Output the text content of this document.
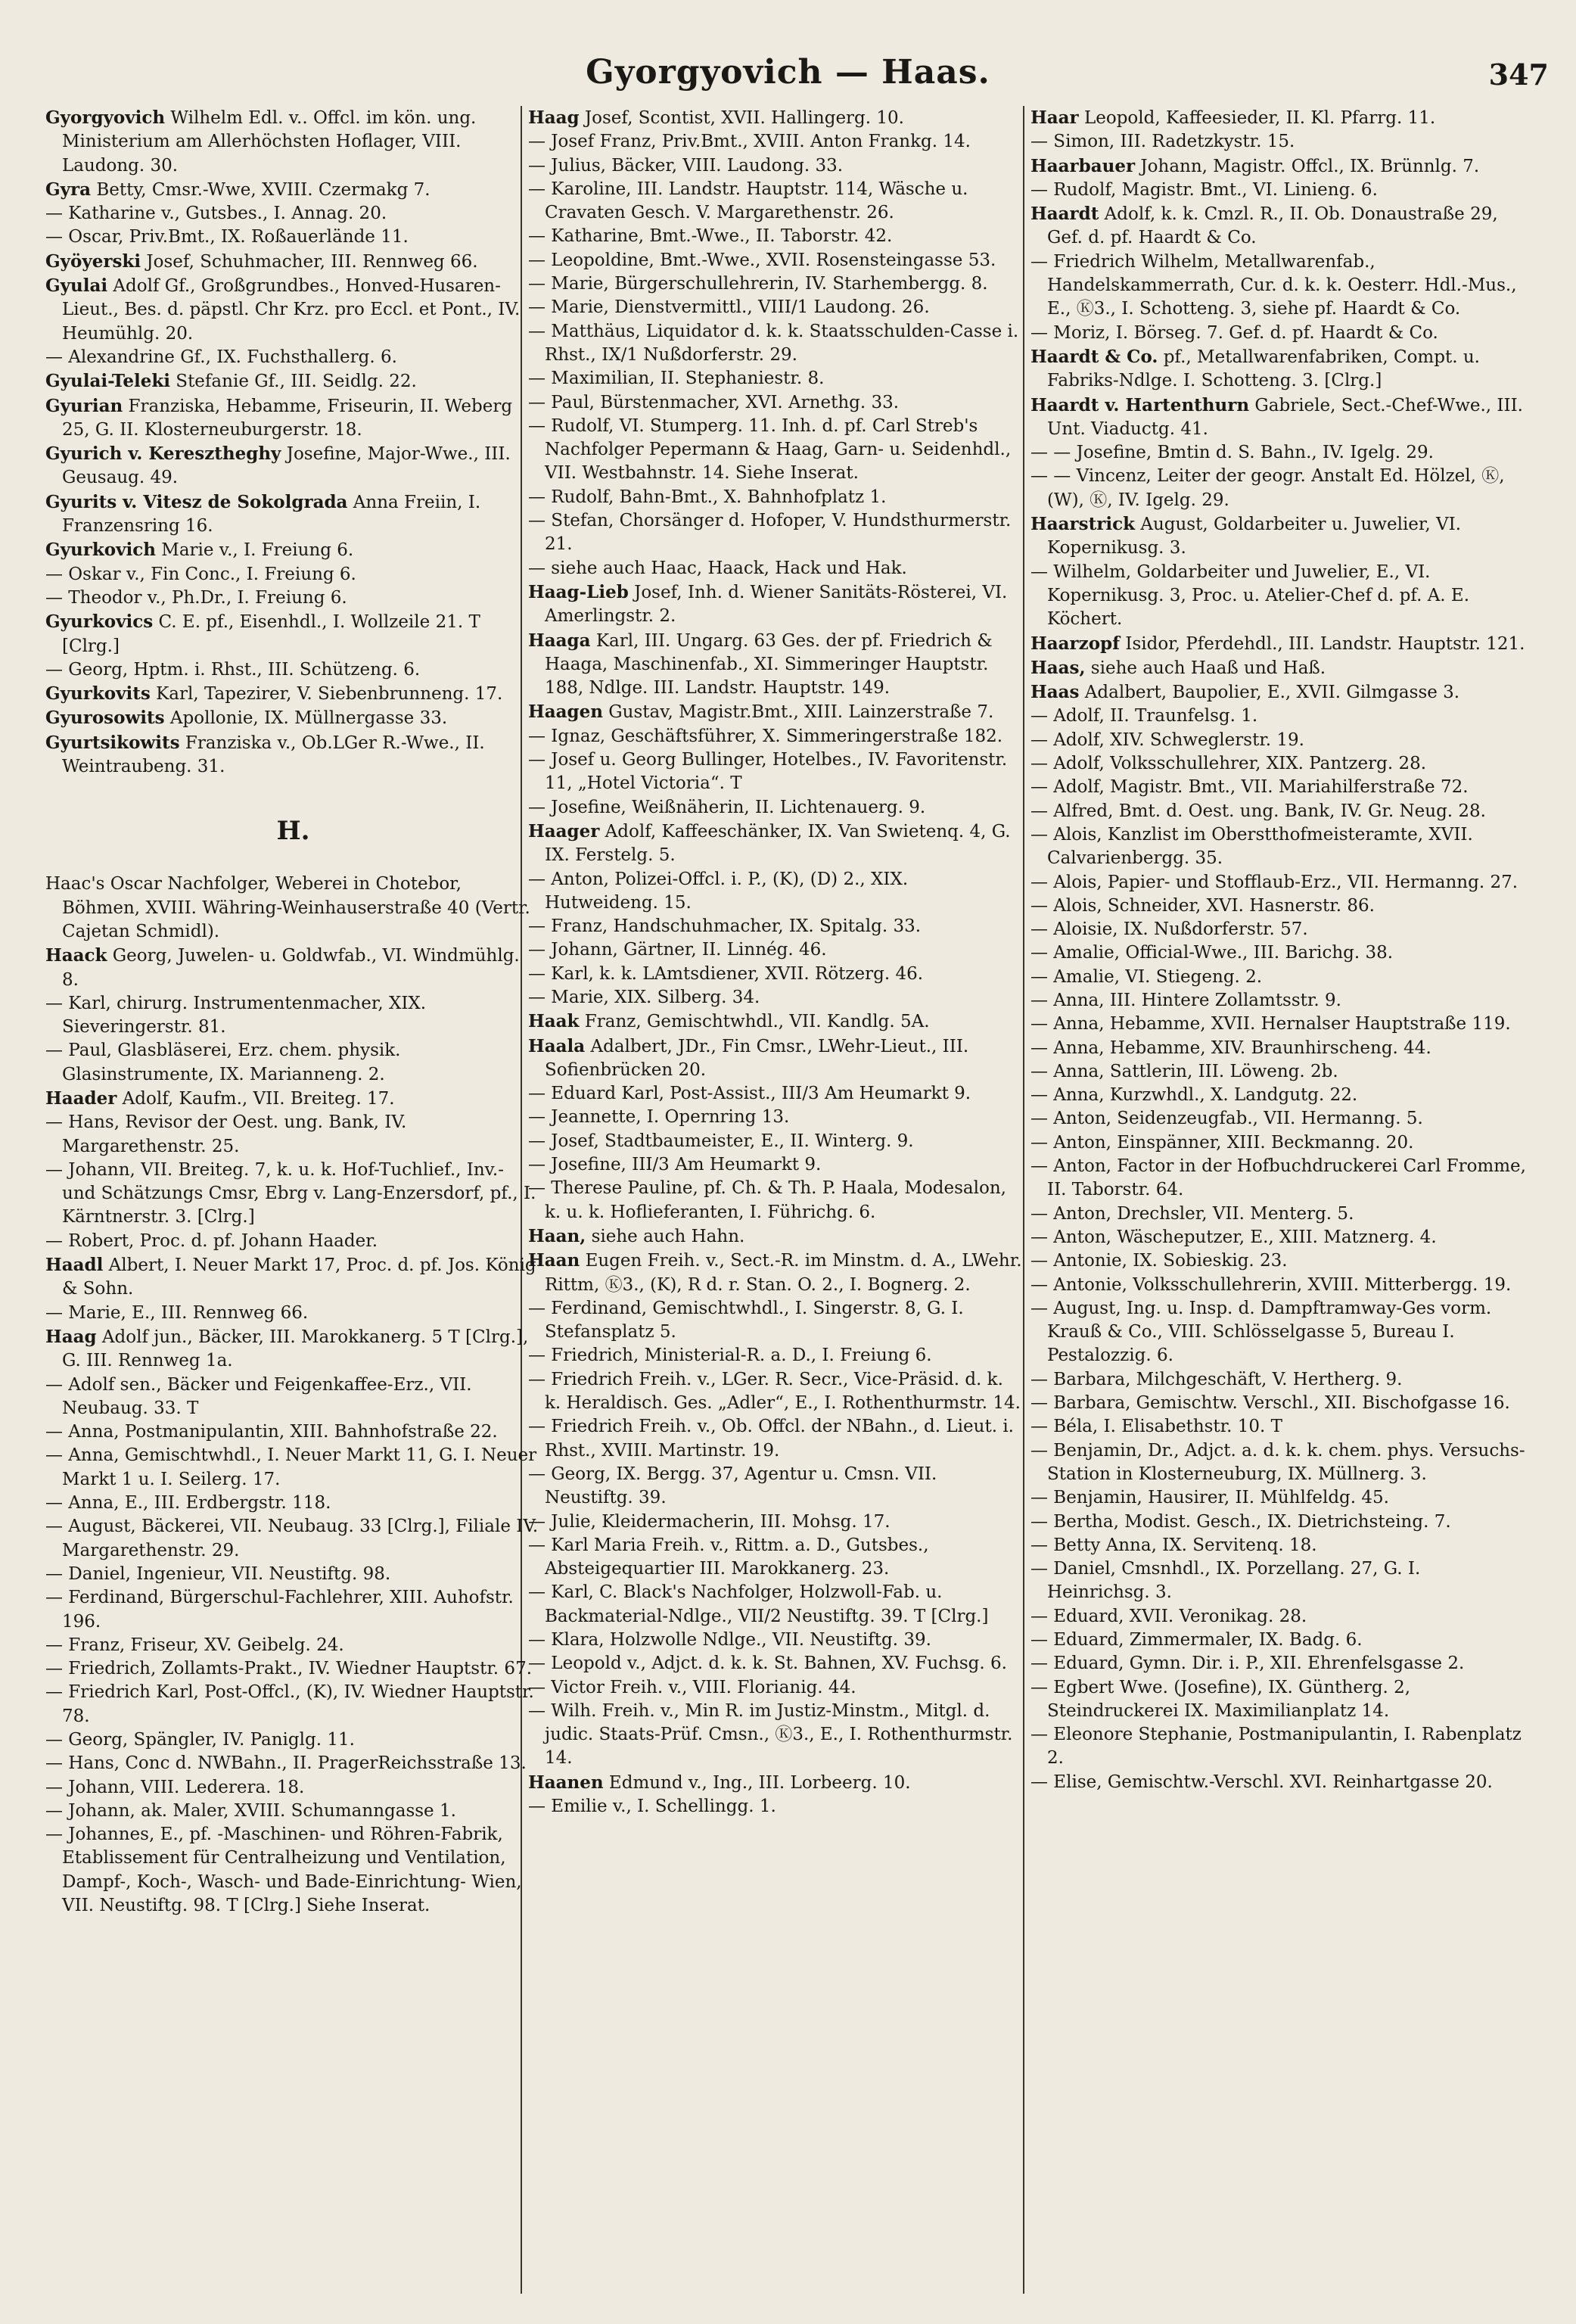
Gyorgyovich — Haas.	347
Gyorgyovich Wilhelm Edl. v.. Offcl. im kön. ung. Ministerium am Allerhöchsten Hoflager, VIII. Laudong. 30.
Gyra Betty, Cmsr.-Wwe, XVIII. Czermakg 7.
— Katharine v., Gutsbes., I. Annag. 20.
— Oscar, Priv.Bmt., IX. Roßauerlände 11.
Gyöyerski Josef, Schuhmacher, III. Rennweg 66.
Gyulai Adolf Gf., Großgrundbes., Honved-Husaren-Lieut., Bes. d. päpstl. Chr Krz. pro Eccl. et Pont., IV. Heumühlg. 20.
— Alexandrine Gf., IX. Fuchsthallerg. 6.
Gyulai-Teleki Stefanie Gf., III. Seidlg. 22.
Gyurian Franziska, Hebamme, Friseurin, II. Weberg 25, G. II. Klosterneuburgerstr. 18.
Gyurich v. Keresztheghy Josefine, Major-Wwe., III. Geusaug. 49.
Gyurits v. Vitesz de Sokolgrada Anna Freiin, I. Franzensring 16.
Gyurkovich Marie v., I. Freiung 6.
— Oskar v., Fin Conc., I. Freiung 6.
— Theodor v., Ph.Dr., I. Freiung 6.
Gyurkovics C. E. pf., Eisenhdl., I. Wollzeile 21. T [Clrg.]
— Georg, Hptm. i. Rhst., III. Schützeng. 6.
Gyurkovits Karl, Tapezirer, V. Siebenbrunneng. 17.
Gyurosowits Apollonie, IX. Müllnergasse 33.
Gyurtsikowits Franziska v., Ob.LGer R.-Wwe., II. Weintraubeng. 31.
H.
Haac's Oscar Nachfolger, Weberei in Chotebor, Böhmen, XVIII. Währing-Weinhauserstraße 40 (Vertr. Cajetan Schmidl).
Haack Georg, Juwelen- u. Goldwfab., VI. Windmühlg. 8.
— Karl, chirurg. Instrumentenmacher, XIX. Sieveringerstr. 81.
— Paul, Glasbläserei, Erz. chem. physik. Glasinstrumente, IX. Marianneng. 2.
Haader Adolf, Kaufm., VII. Breiteg. 17.
— Hans, Revisor der Oest. ung. Bank, IV. Margarethenstr. 25.
— Johann, VII. Breiteg. 7, k. u. k. Hof-Tuchlief., Inv.- und Schätzungs Cmsr, Ebrg v. Lang-Enzersdorf, pf., I. Kärntnerstr. 3. [Clrg.]
— Robert, Proc. d. pf. Johann Haader.
Haadl Albert, I. Neuer Markt 17, Proc. d. pf. Jos. König & Sohn.
— Marie, E., III. Rennweg 66.
Haag Adolf jun., Bäcker, III. Marokkanerg. 5 T [Clrg.], G. III. Rennweg 1a.
— Adolf sen., Bäcker und Feigenkaffee-Erz., VII. Neubaug. 33. T
— Anna, Postmanipulantin, XIII. Bahnhofstraße 22.
— Anna, Gemischtwhdl., I. Neuer Markt 11, G. I. Neuer Markt 1 u. I. Seilerg. 17.
— Anna, E., III. Erdbergstr. 118.
— August, Bäckerei, VII. Neubaug. 33 [Clrg.], Filiale IV. Margarethenstr. 29.
— Daniel, Ingenieur, VII. Neustiftg. 98.
— Ferdinand, Bürgerschul-Fachlehrer, XIII. Auhofstr. 196.
— Franz, Friseur, XV. Geibelg. 24.
— Friedrich, Zollamts-Prakt., IV. Wiedner Hauptstr. 67.
— Friedrich Karl, Post-Offcl., (K), IV. Wiedner Hauptstr. 78.
— Georg, Spängler, IV. Paniglg. 11.
— Hans, Conc d. NWBahn., II. PragerReichsstraße 13.
— Johann, VIII. Lederera. 18.
— Johann, ak. Maler, XVIII. Schumanngasse 1.
— Johannes, E., pf. -Maschinen- und Röhren-Fabrik, Etablissement für Centralheizung und Ventilation, Dampf-, Koch-, Wasch- und Bade-Einrichtung- Wien, VII. Neustiftg. 98. T [Clrg.] Siehe Inserat.
Haag Josef, Scontist, XVII. Hallingerg. 10.
— Josef Franz, Priv.Bmt., XVIII. Anton Frankg. 14.
— Julius, Bäcker, VIII. Laudong. 33.
— Karoline, III. Landstr. Hauptstr. 114, Wäsche u. Cravaten Gesch. V. Margarethenstr. 26.
— Katharine, Bmt.-Wwe., II. Taborstr. 42.
— Leopoldine, Bmt.-Wwe., XVII. Rosensteingasse 53.
— Marie, Bürgerschullehrerin, IV. Starhembergg. 8.
— Marie, Dienstvermittl., VIII/1 Laudong. 26.
— Matthäus, Liquidator d. k. k. Staatsschulden-Casse i. Rhst., IX/1 Nußdorferstr. 29.
— Maximilian, II. Stephaniestr. 8.
— Paul, Bürstenmacher, XVI. Arnethg. 33.
— Rudolf, VI. Stumperg. 11. Inh. d. pf. Carl Streb's Nachfolger Pepermann & Haag, Garn- u. Seidenhdl., VII. Westbahnstr. 14. Siehe Inserat.
— Rudolf, Bahn-Bmt., X. Bahnhofplatz 1.
— Stefan, Chorsänger d. Hofoper, V. Hundsthurmerstr. 21.
— siehe auch Haac, Haack, Hack und Hak.
Haag-Lieb Josef, Inh. d. Wiener Sanitäts-Rösterei, VI. Amerlingstr. 2.
Haaga Karl, III. Ungarg. 63 Ges. der pf. Friedrich & Haaga, Maschinenfab., XI. Simmeringer Hauptstr. 188, Ndlge. III. Landstr. Hauptstr. 149.
Haagen Gustav, Magistr.Bmt., XIII. Lainzerstraße 7.
— Ignaz, Geschäftsführer, X. Simmeringerstraße 182.
— Josef u. Georg Bullinger, Hotelbes., IV. Favoritenstr. 11, „Hotel Victoria“. T
— Josefine, Weißnäherin, II. Lichtenauerg. 9.
Haager Adolf, Kaffeeschänker, IX. Van Swietenq. 4, G. IX. Ferstelg. 5.
— Anton, Polizei-Offcl. i. P., (K), (D) 2., XIX. Hutweideng. 15.
— Franz, Handschuhmacher, IX. Spitalg. 33.
— Johann, Gärtner, II. Linnég. 46.
— Karl, k. k. LAmtsdiener, XVII. Rötzerg. 46.
— Marie, XIX. Silberg. 34.
Haak Franz, Gemischtwhdl., VII. Kandlg. 5A.
Haala Adalbert, JDr., Fin Cmsr., LWehr-Lieut., III. Sofienbrücken 20.
— Eduard Karl, Post-Assist., III/3 Am Heumarkt 9.
— Jeannette, I. Opernring 13.
— Josef, Stadtbaumeister, E., II. Winterg. 9.
— Josefine, III/3 Am Heumarkt 9.
— Therese Pauline, pf. Ch. & Th. P. Haala, Modesalon, k. u. k. Hoflieferanten, I. Führichg. 6.
Haan, siehe auch Hahn.
Haan Eugen Freih. v., Sect.-R. im Minstm. d. A., LWehr. Rittm, Ⓚ3., (K), R d. r. Stan. O. 2., I. Bognerg. 2.
— Ferdinand, Gemischtwhdl., I. Singerstr. 8, G. I. Stefansplatz 5.
— Friedrich, Ministerial-R. a. D., I. Freiung 6.
— Friedrich Freih. v., LGer. R. Secr., Vice-Präsid. d. k. k. Heraldisch. Ges. „Adler“, E., I. Rothenthurmstr. 14.
— Friedrich Freih. v., Ob. Offcl. der NBahn., d. Lieut. i. Rhst., XVIII. Martinstr. 19.
— Georg, IX. Bergg. 37, Agentur u. Cmsn. VII. Neustiftg. 39.
— Julie, Kleidermacherin, III. Mohsg. 17.
— Karl Maria Freih. v., Rittm. a. D., Gutsbes., Absteigequartier III. Marokkanerg. 23.
— Karl, C. Black's Nachfolger, Holzwoll-Fab. u. Backmaterial-Ndlge., VII/2 Neustiftg. 39. T [Clrg.]
— Klara, Holzwolle Ndlge., VII. Neustiftg. 39.
— Leopold v., Adjct. d. k. k. St. Bahnen, XV. Fuchsg. 6.
— Victor Freih. v., VIII. Florianig. 44.
— Wilh. Freih. v., Min R. im Justiz-Minstm., Mitgl. d. judic. Staats-Prüf. Cmsn., Ⓚ3., E., I. Rothenthurmstr. 14.
Haanen Edmund v., Ing., III. Lorbeerg. 10.
— Emilie v., I. Schellingg. 1.
Haar Leopold, Kaffeesieder, II. Kl. Pfarrg. 11.
— Simon, III. Radetzkystr. 15.
Haarbauer Johann, Magistr. Offcl., IX. Brünnlg. 7.
— Rudolf, Magistr. Bmt., VI. Linieng. 6.
Haardt Adolf, k. k. Cmzl. R., II. Ob. Donaustraße 29, Gef. d. pf. Haardt & Co.
— Friedrich Wilhelm, Metallwarenfab., Handelskammerrath, Cur. d. k. k. Oesterr. Hdl.-Mus., E., Ⓚ3., I. Schotteng. 3, siehe pf. Haardt & Co.
— Moriz, I. Börseg. 7. Gef. d. pf. Haardt & Co.
Haardt & Co. pf., Metallwarenfabriken, Compt. u. Fabriks-Ndlge. I. Schotteng. 3. [Clrg.]
Haardt v. Hartenthurn Gabriele, Sect.-Chef-Wwe., III. Unt. Viaductg. 41.
— — Josefine, Bmtin d. S. Bahn., IV. Igelg. 29.
— — Vincenz, Leiter der geogr. Anstalt Ed. Hölzel, Ⓚ, (W), Ⓚ, IV. Igelg. 29.
Haarstrick August, Goldarbeiter u. Juwelier, VI. Kopernikusg. 3.
— Wilhelm, Goldarbeiter und Juwelier, E., VI. Kopernikusg. 3, Proc. u. Atelier-Chef d. pf. A. E. Köchert.
Haarzopf Isidor, Pferdehdl., III. Landstr. Hauptstr. 121.
Haas, siehe auch Haaß und Haß.
Haas Adalbert, Baupolier, E., XVII. Gilmgasse 3.
— Adolf, II. Traunfelsg. 1.
— Adolf, XIV. Schweglerstr. 19.
— Adolf, Volksschullehrer, XIX. Pantzerg. 28.
— Adolf, Magistr. Bmt., VII. Mariahilferstraße 72.
— Alfred, Bmt. d. Oest. ung. Bank, IV. Gr. Neug. 28.
— Alois, Kanzlist im Oberstthofmeisteramte, XVII. Calvarienbergg. 35.
— Alois, Papier- und Stofflaub-Erz., VII. Hermanng. 27.
— Alois, Schneider, XVI. Hasnerstr. 86.
— Aloisie, IX. Nußdorferstr. 57.
— Amalie, Official-Wwe., III. Barichg. 38.
— Amalie, VI. Stiegeng. 2.
— Anna, III. Hintere Zollamtsstr. 9.
— Anna, Hebamme, XVII. Hernalser Hauptstraße 119.
— Anna, Hebamme, XIV. Braunhirscheng. 44.
— Anna, Sattlerin, III. Löweng. 2b.
— Anna, Kurzwhdl., X. Landgutg. 22.
— Anton, Seidenzeugfab., VII. Hermanng. 5.
— Anton, Einspänner, XIII. Beckmanng. 20.
— Anton, Factor in der Hofbuchdruckerei Carl Fromme, II. Taborstr. 64.
— Anton, Drechsler, VII. Menterg. 5.
— Anton, Wäscheputzer, E., XIII. Matznerg. 4.
— Antonie, IX. Sobieskig. 23.
— Antonie, Volksschullehrerin, XVIII. Mitterbergg. 19.
— August, Ing. u. Insp. d. Dampftramway-Ges vorm. Krauß & Co., VIII. Schlösselgasse 5, Bureau I. Pestalozzig. 6.
— Barbara, Milchgeschäft, V. Hertherg. 9.
— Barbara, Gemischtw. Verschl., XII. Bischofgasse 16.
— Béla, I. Elisabethstr. 10. T
— Benjamin, Dr., Adjct. a. d. k. k. chem. phys. Versuchs-Station in Klosterneuburg, IX. Müllnerg. 3.
— Benjamin, Hausirer, II. Mühlfeldg. 45.
— Bertha, Modist. Gesch., IX. Dietrichsteing. 7.
— Betty Anna, IX. Servitenq. 18.
— Daniel, Cmsnhdl., IX. Porzellang. 27, G. I. Heinrichsg. 3.
— Eduard, XVII. Veronikag. 28.
— Eduard, Zimmermaler, IX. Badg. 6.
— Eduard, Gymn. Dir. i. P., XII. Ehrenfelsgasse 2.
— Egbert Wwe. (Josefine), IX. Güntherg. 2, Steindruckerei IX. Maximilianplatz 14.
— Eleonore Stephanie, Postmanipulantin, I. Rabenplatz 2.
— Elise, Gemischtw.-Verschl. XVI. Reinhartgasse 20.
